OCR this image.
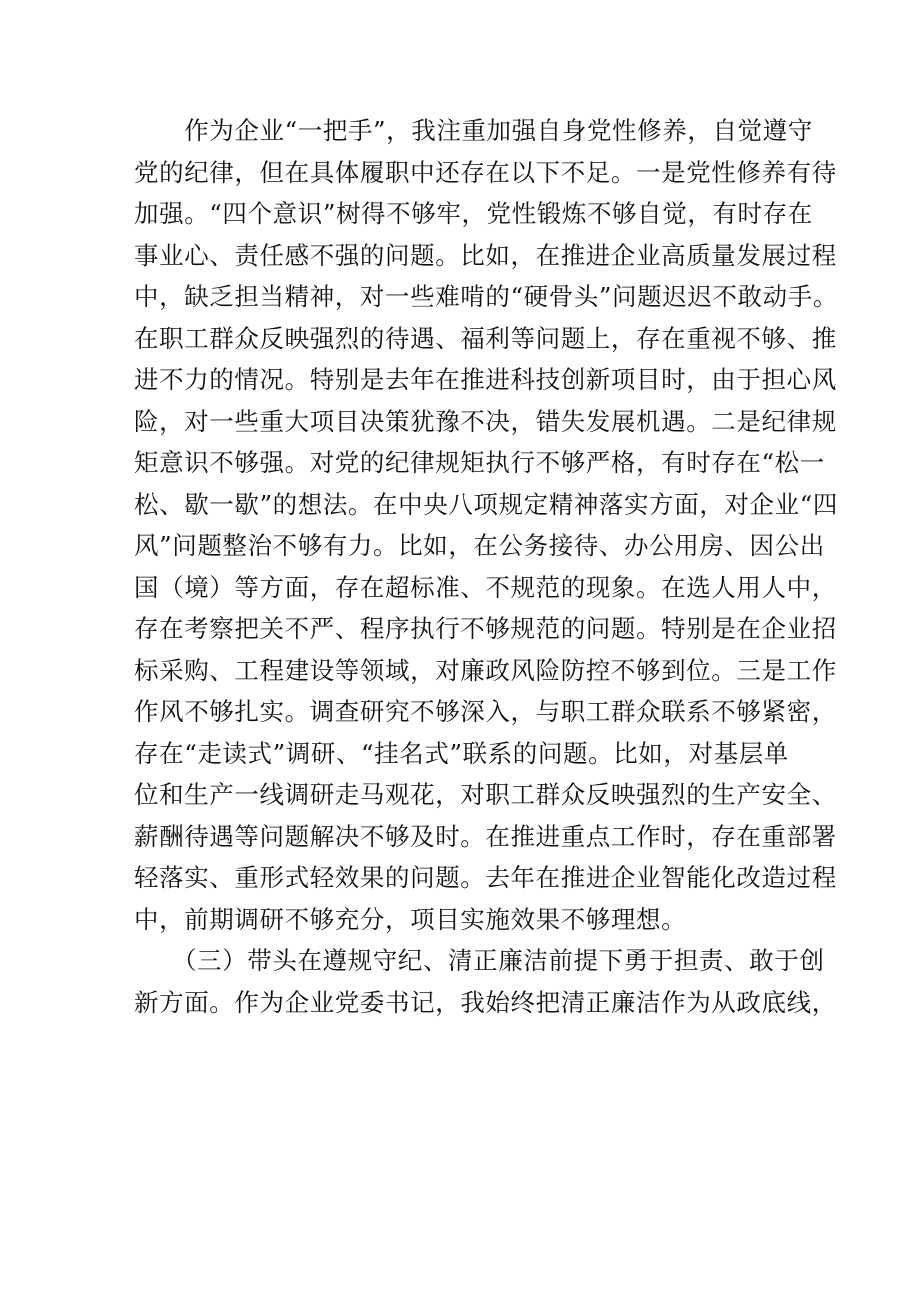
　　作为企业“一把手”，我注重加强自身党性修养，自觉遵守
党的纪律，但在具体履职中还存在以下不足。一是党性修养有待
加强。“四个意识”树得不够牢，党性锻炼不够自觉，有时存在
事业心、责任感不强的问题。比如，在推进企业高质量发展过程
中，缺乏担当精神，对一些难啃的“硬骨头”问题迟迟不敢动手。
在职工群众反映强烈的待遇、福利等问题上，存在重视不够、推
进不力的情况。特别是去年在推进科技创新项目时，由于担心风
险，对一些重大项目决策犹豫不决，错失发展机遇。二是纪律规
矩意识不够强。对党的纪律规矩执行不够严格，有时存在“松一
松、歇一歇”的想法。在中央八项规定精神落实方面，对企业“四
风”问题整治不够有力。比如，在公务接待、办公用房、因公出
国（境）等方面，存在超标准、不规范的现象。在选人用人中，
存在考察把关不严、程序执行不够规范的问题。特别是在企业招
标采购、工程建设等领域，对廉政风险防控不够到位。三是工作
作风不够扎实。调查研究不够深入，与职工群众联系不够紧密，
存在“走读式”调研、“挂名式”联系的问题。比如，对基层单
位和生产一线调研走马观花，对职工群众反映强烈的生产安全、
薪酬待遇等问题解决不够及时。在推进重点工作时，存在重部署
轻落实、重形式轻效果的问题。去年在推进企业智能化改造过程
中，前期调研不够充分，项目实施效果不够理想。
　　（三）带头在遵规守纪、清正廉洁前提下勇于担责、敢于创
新方面。作为企业党委书记，我始终把清正廉洁作为从政底线，
